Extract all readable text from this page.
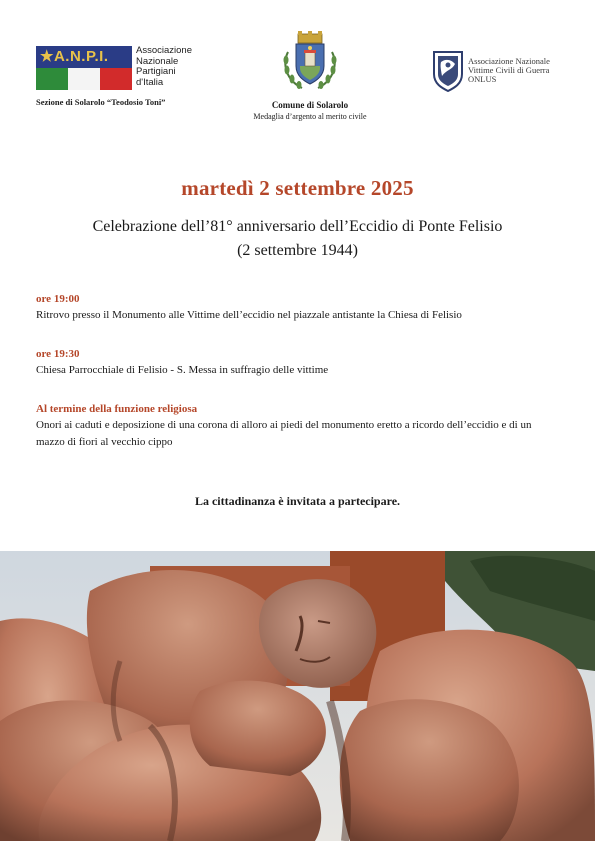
★A.N.P.I.	Associazione
Nazionale
Partigiani
d'Italia
Sezione di Solarolo “Teodosio Toni”	Comune di Solarolo
Medaglia d’argento al merito civile
Associazione Nazionale
Vittime Civili di Guerra
ONLUS
martedì 2 settembre 2025
Celebrazione dell’81° anniversario dell’Eccidio di Ponte Felisio
(2 settembre 1944)
ore 19:00
Ritrovo presso il Monumento alle Vittime dell’eccidio nel piazzale antistante la Chiesa di Felisio
ore 19:30
Chiesa Parrocchiale di Felisio - S. Messa in suffragio delle vittime
Al termine della funzione religiosa
Onori ai caduti e deposizione di una corona di alloro ai piedi del monumento eretto a ricordo dell’eccidio e di un mazzo di fiori al vecchio cippo
La cittadinanza è invitata a partecipare.
